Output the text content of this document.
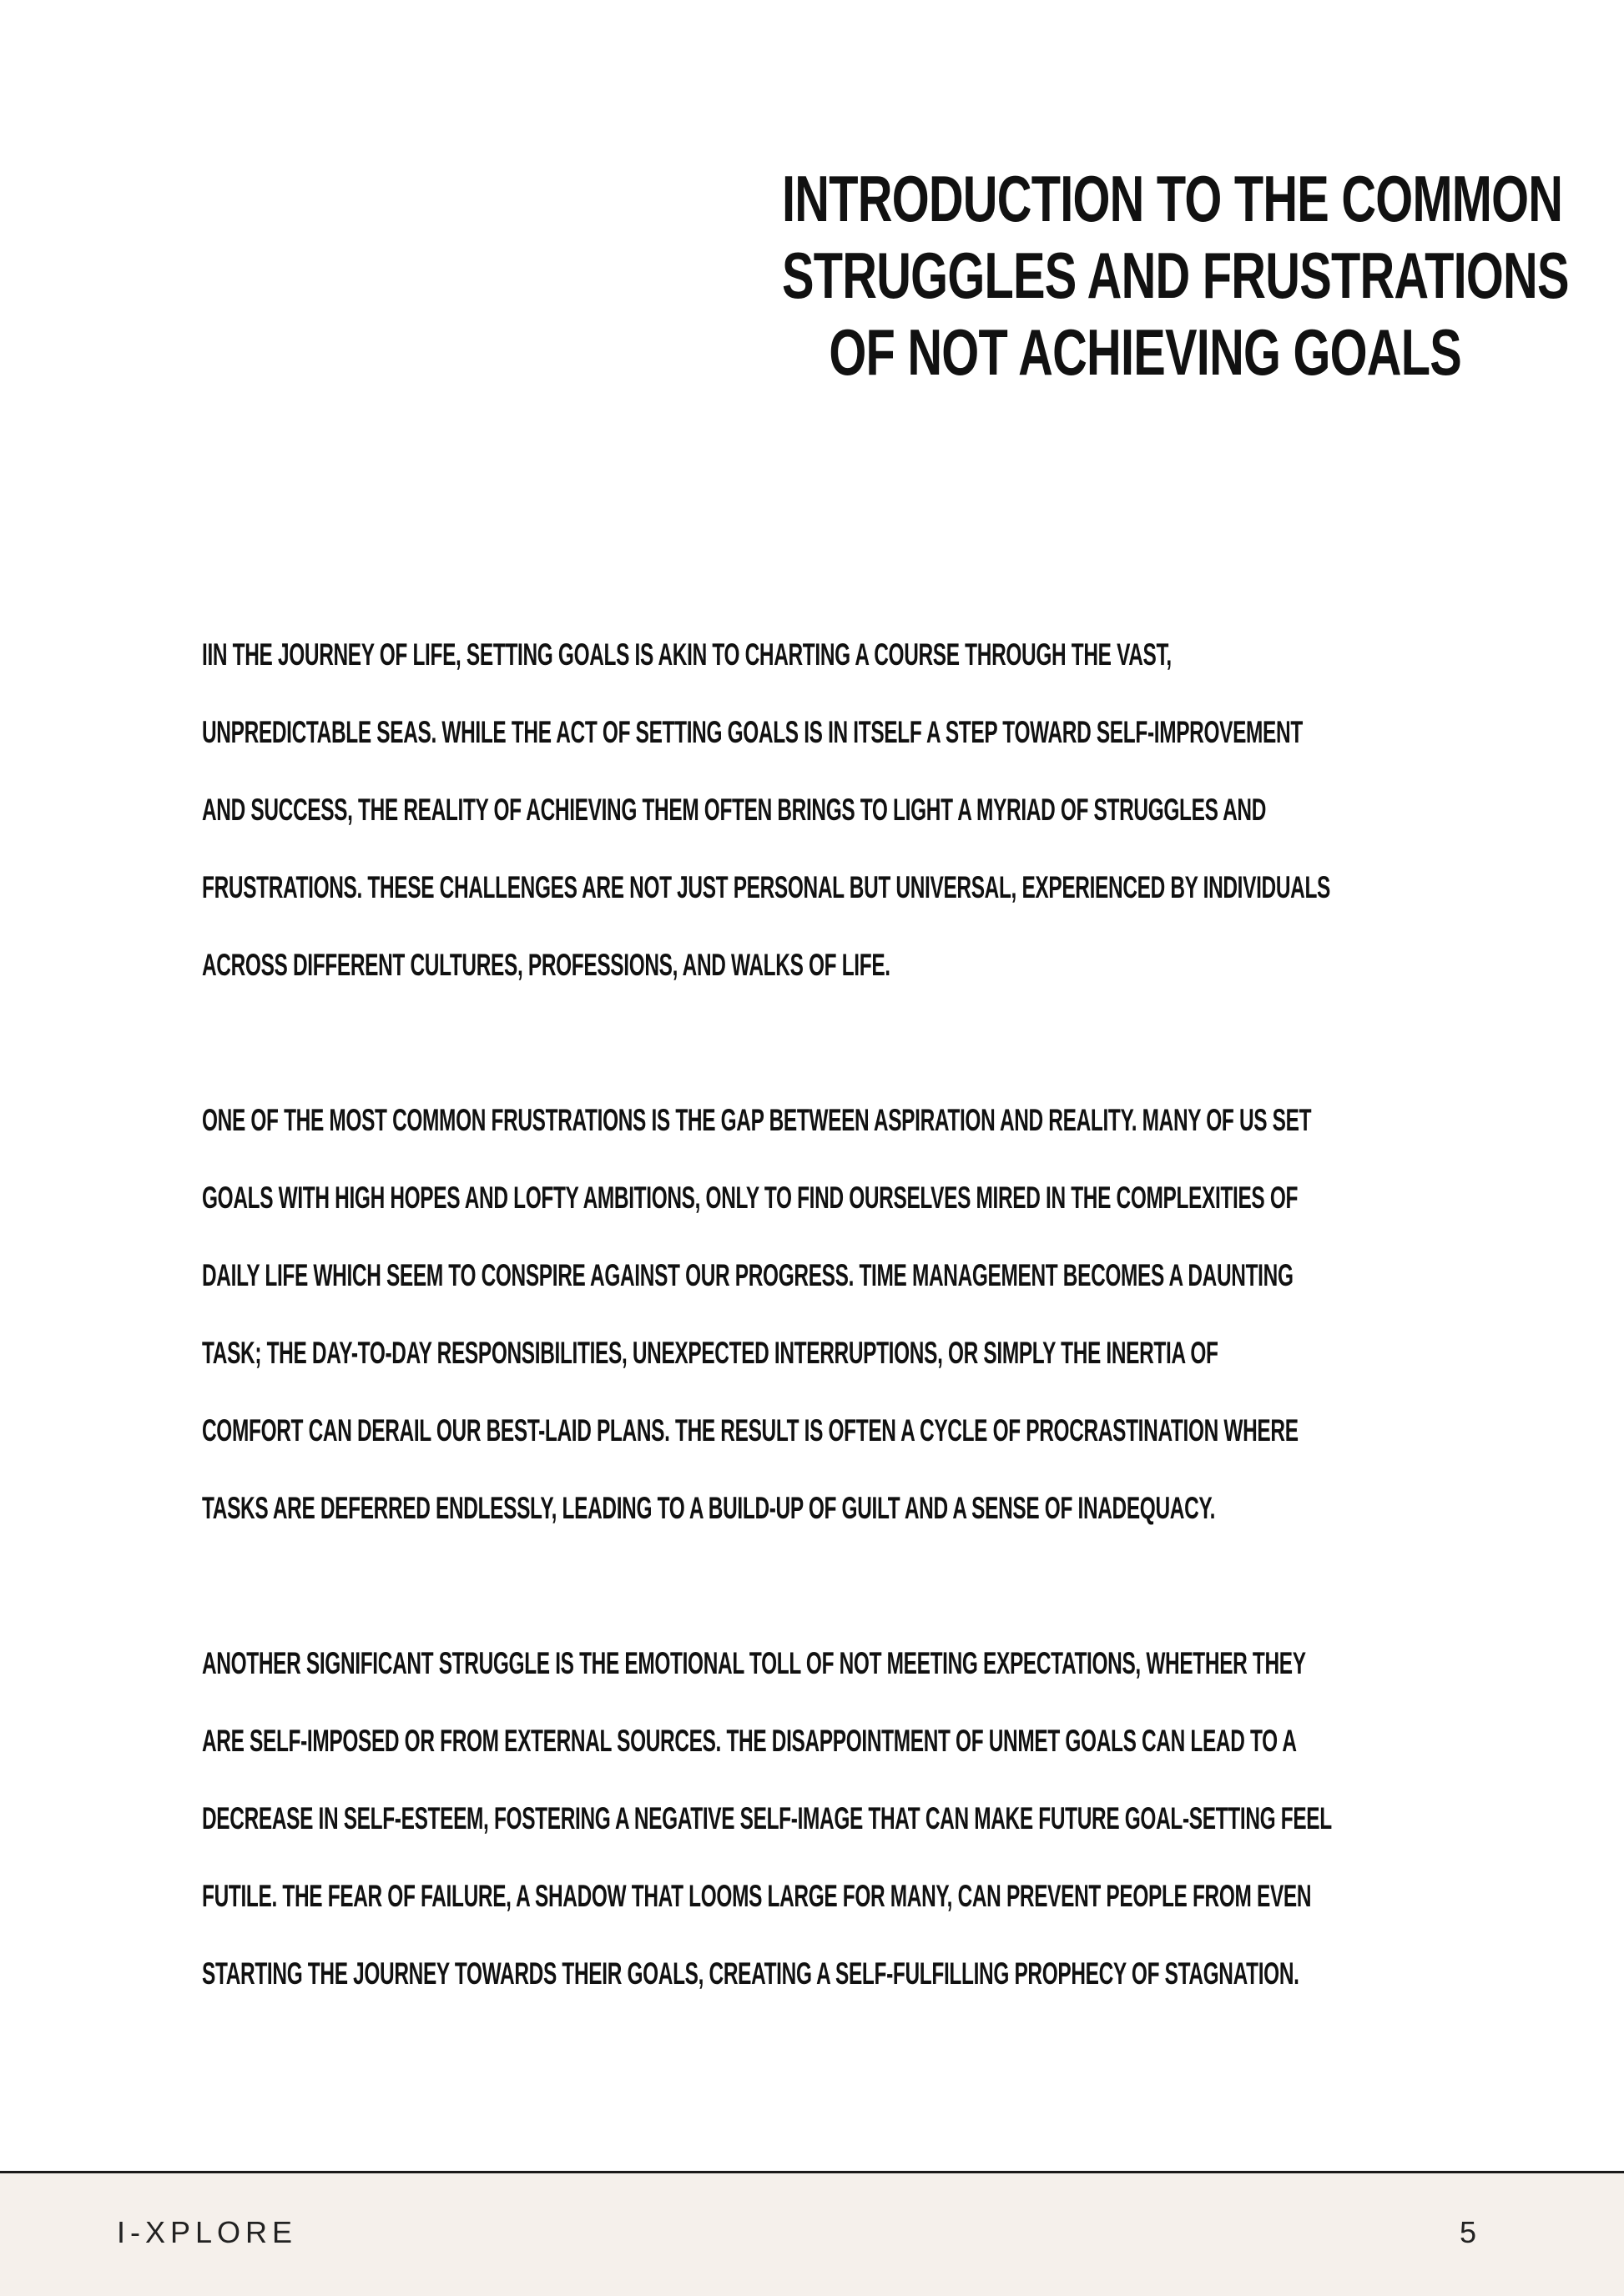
INTRODUCTION TO THE COMMON
STRUGGLES AND FRUSTRATIONS
OF NOT ACHIEVING GOALS
IIN THE JOURNEY OF LIFE, SETTING GOALS IS AKIN TO CHARTING A COURSE THROUGH THE VAST,
UNPREDICTABLE SEAS. WHILE THE ACT OF SETTING GOALS IS IN ITSELF A STEP TOWARD SELF-IMPROVEMENT
AND SUCCESS, THE REALITY OF ACHIEVING THEM OFTEN BRINGS TO LIGHT A MYRIAD OF STRUGGLES AND
FRUSTRATIONS. THESE CHALLENGES ARE NOT JUST PERSONAL BUT UNIVERSAL, EXPERIENCED BY INDIVIDUALS
ACROSS DIFFERENT CULTURES, PROFESSIONS, AND WALKS OF LIFE.
ONE OF THE MOST COMMON FRUSTRATIONS IS THE GAP BETWEEN ASPIRATION AND REALITY. MANY OF US SET
GOALS WITH HIGH HOPES AND LOFTY AMBITIONS, ONLY TO FIND OURSELVES MIRED IN THE COMPLEXITIES OF
DAILY LIFE WHICH SEEM TO CONSPIRE AGAINST OUR PROGRESS. TIME MANAGEMENT BECOMES A DAUNTING
TASK; THE DAY-TO-DAY RESPONSIBILITIES, UNEXPECTED INTERRUPTIONS, OR SIMPLY THE INERTIA OF
COMFORT CAN DERAIL OUR BEST-LAID PLANS. THE RESULT IS OFTEN A CYCLE OF PROCRASTINATION WHERE
TASKS ARE DEFERRED ENDLESSLY, LEADING TO A BUILD-UP OF GUILT AND A SENSE OF INADEQUACY.
ANOTHER SIGNIFICANT STRUGGLE IS THE EMOTIONAL TOLL OF NOT MEETING EXPECTATIONS, WHETHER THEY
ARE SELF-IMPOSED OR FROM EXTERNAL SOURCES. THE DISAPPOINTMENT OF UNMET GOALS CAN LEAD TO A
DECREASE IN SELF-ESTEEM, FOSTERING A NEGATIVE SELF-IMAGE THAT CAN MAKE FUTURE GOAL-SETTING FEEL
FUTILE. THE FEAR OF FAILURE, A SHADOW THAT LOOMS LARGE FOR MANY, CAN PREVENT PEOPLE FROM EVEN
STARTING THE JOURNEY TOWARDS THEIR GOALS, CREATING A SELF-FULFILLING PROPHECY OF STAGNATION.
I-XPLORE	5
